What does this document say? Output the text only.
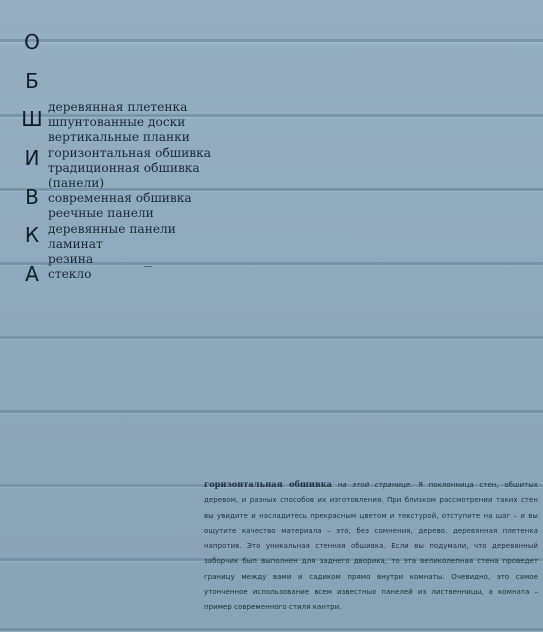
О
Б
Ш
И
В
К
А
деревянная плетенка
шпунтованные доски
вертикальные планки
горизонтальная обшивка
традиционная обшивка
(панели)
современная обшивка
реечные панели
деревянные панели
ламинат
резина
стекло
горизонтальная обшивка на этой странице. Я поклонница стен, обшитых деревом, и разных способов их изготовления. При близком рассмотрении таких стен вы увидите и насладитесь прекрасным цветом и текстурой, отступите на шаг – и вы ощутите качество материала – это, без сомнения, дерево. деревянная плетенка напротив. Это уникальная стенная обшивка. Если вы подумали, что деревянный заборчик был выполнен для заднего дворика, то эта великолепная стена проведет границу между вами и садиком прямо внутри комнаты. Очевидно, это самое утонченное использование всем известных панелей из лиственницы, а комната – пример современного стиля кантри.
